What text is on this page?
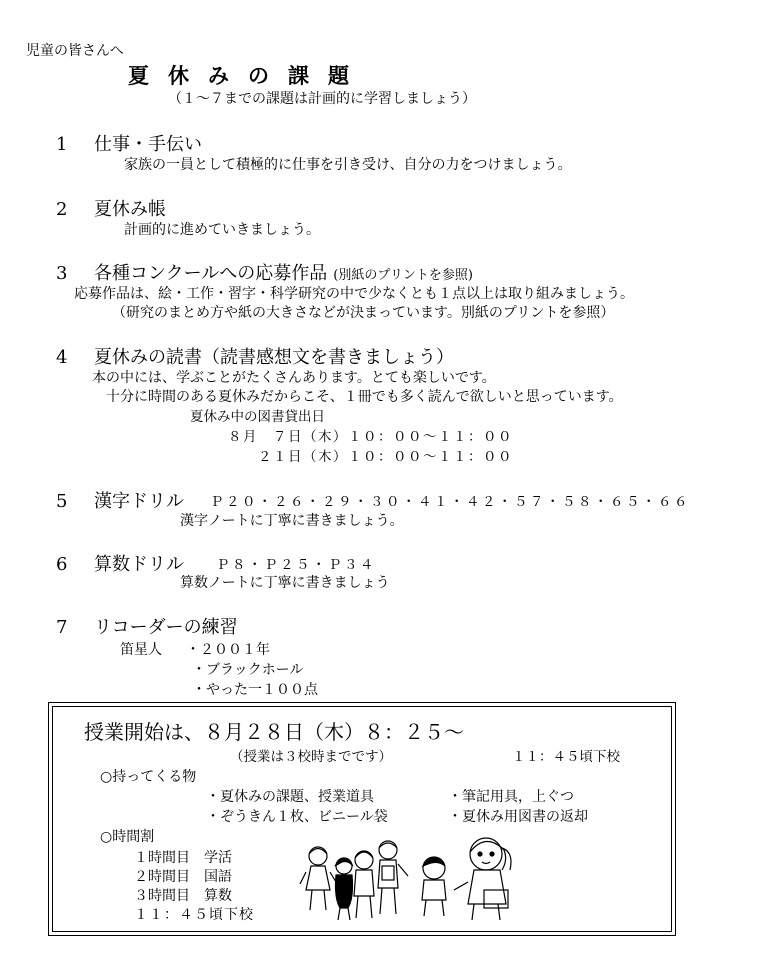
児童の皆さんへ
夏休みの課題
（１～７までの課題は計画的に学習しましょう）
1 仕事・手伝い
家族の一員として積極的に仕事を引き受け、自分の力をつけましょう。
2 夏休み帳
計画的に進めていきましょう。
3 各種コンクールへの応募作品 (別紙のプリントを参照)
応募作品は、絵・工作・習字・科学研究の中で少なくとも１点以上は取り組みましょう。
（研究のまとめ方や紙の大きさなどが決まっています。別紙のプリントを参照）
4 夏休みの読書（読書感想文を書きましょう）
本の中には、学ぶことがたくさんあります。とても楽しいです。
十分に時間のある夏休みだからこそ、１冊でも多く読んで欲しいと思っています。
夏休み中の図書貸出日
８月　７日（木）１０：００～１１：００
２１日（木）１０：００～１１：００
5 漢字ドリル Ｐ２０・２６・２９・３０・４１・４２・５７・５８・６５・６６
漢字ノートに丁寧に書きましょう。
6 算数ドリル Ｐ８・Ｐ２５・Ｐ３４
算数ノートに丁寧に書きましょう
7 リコーダーの練習
笛星人 ・２００１年
・ブラックホール
・やった一１００点
授業開始は、８月２８日（木）８：２５～
（授業は３校時までです）	１１：４５頃下校
○持ってくる物
・夏休みの課題、授業道具	・筆記用具，上ぐつ
・ぞうきん１枚、ビニール袋	・夏休み用図書の返却
○時間割
１時間目　学活
２時間目　国語
３時間目　算数
１１：４５頃下校
